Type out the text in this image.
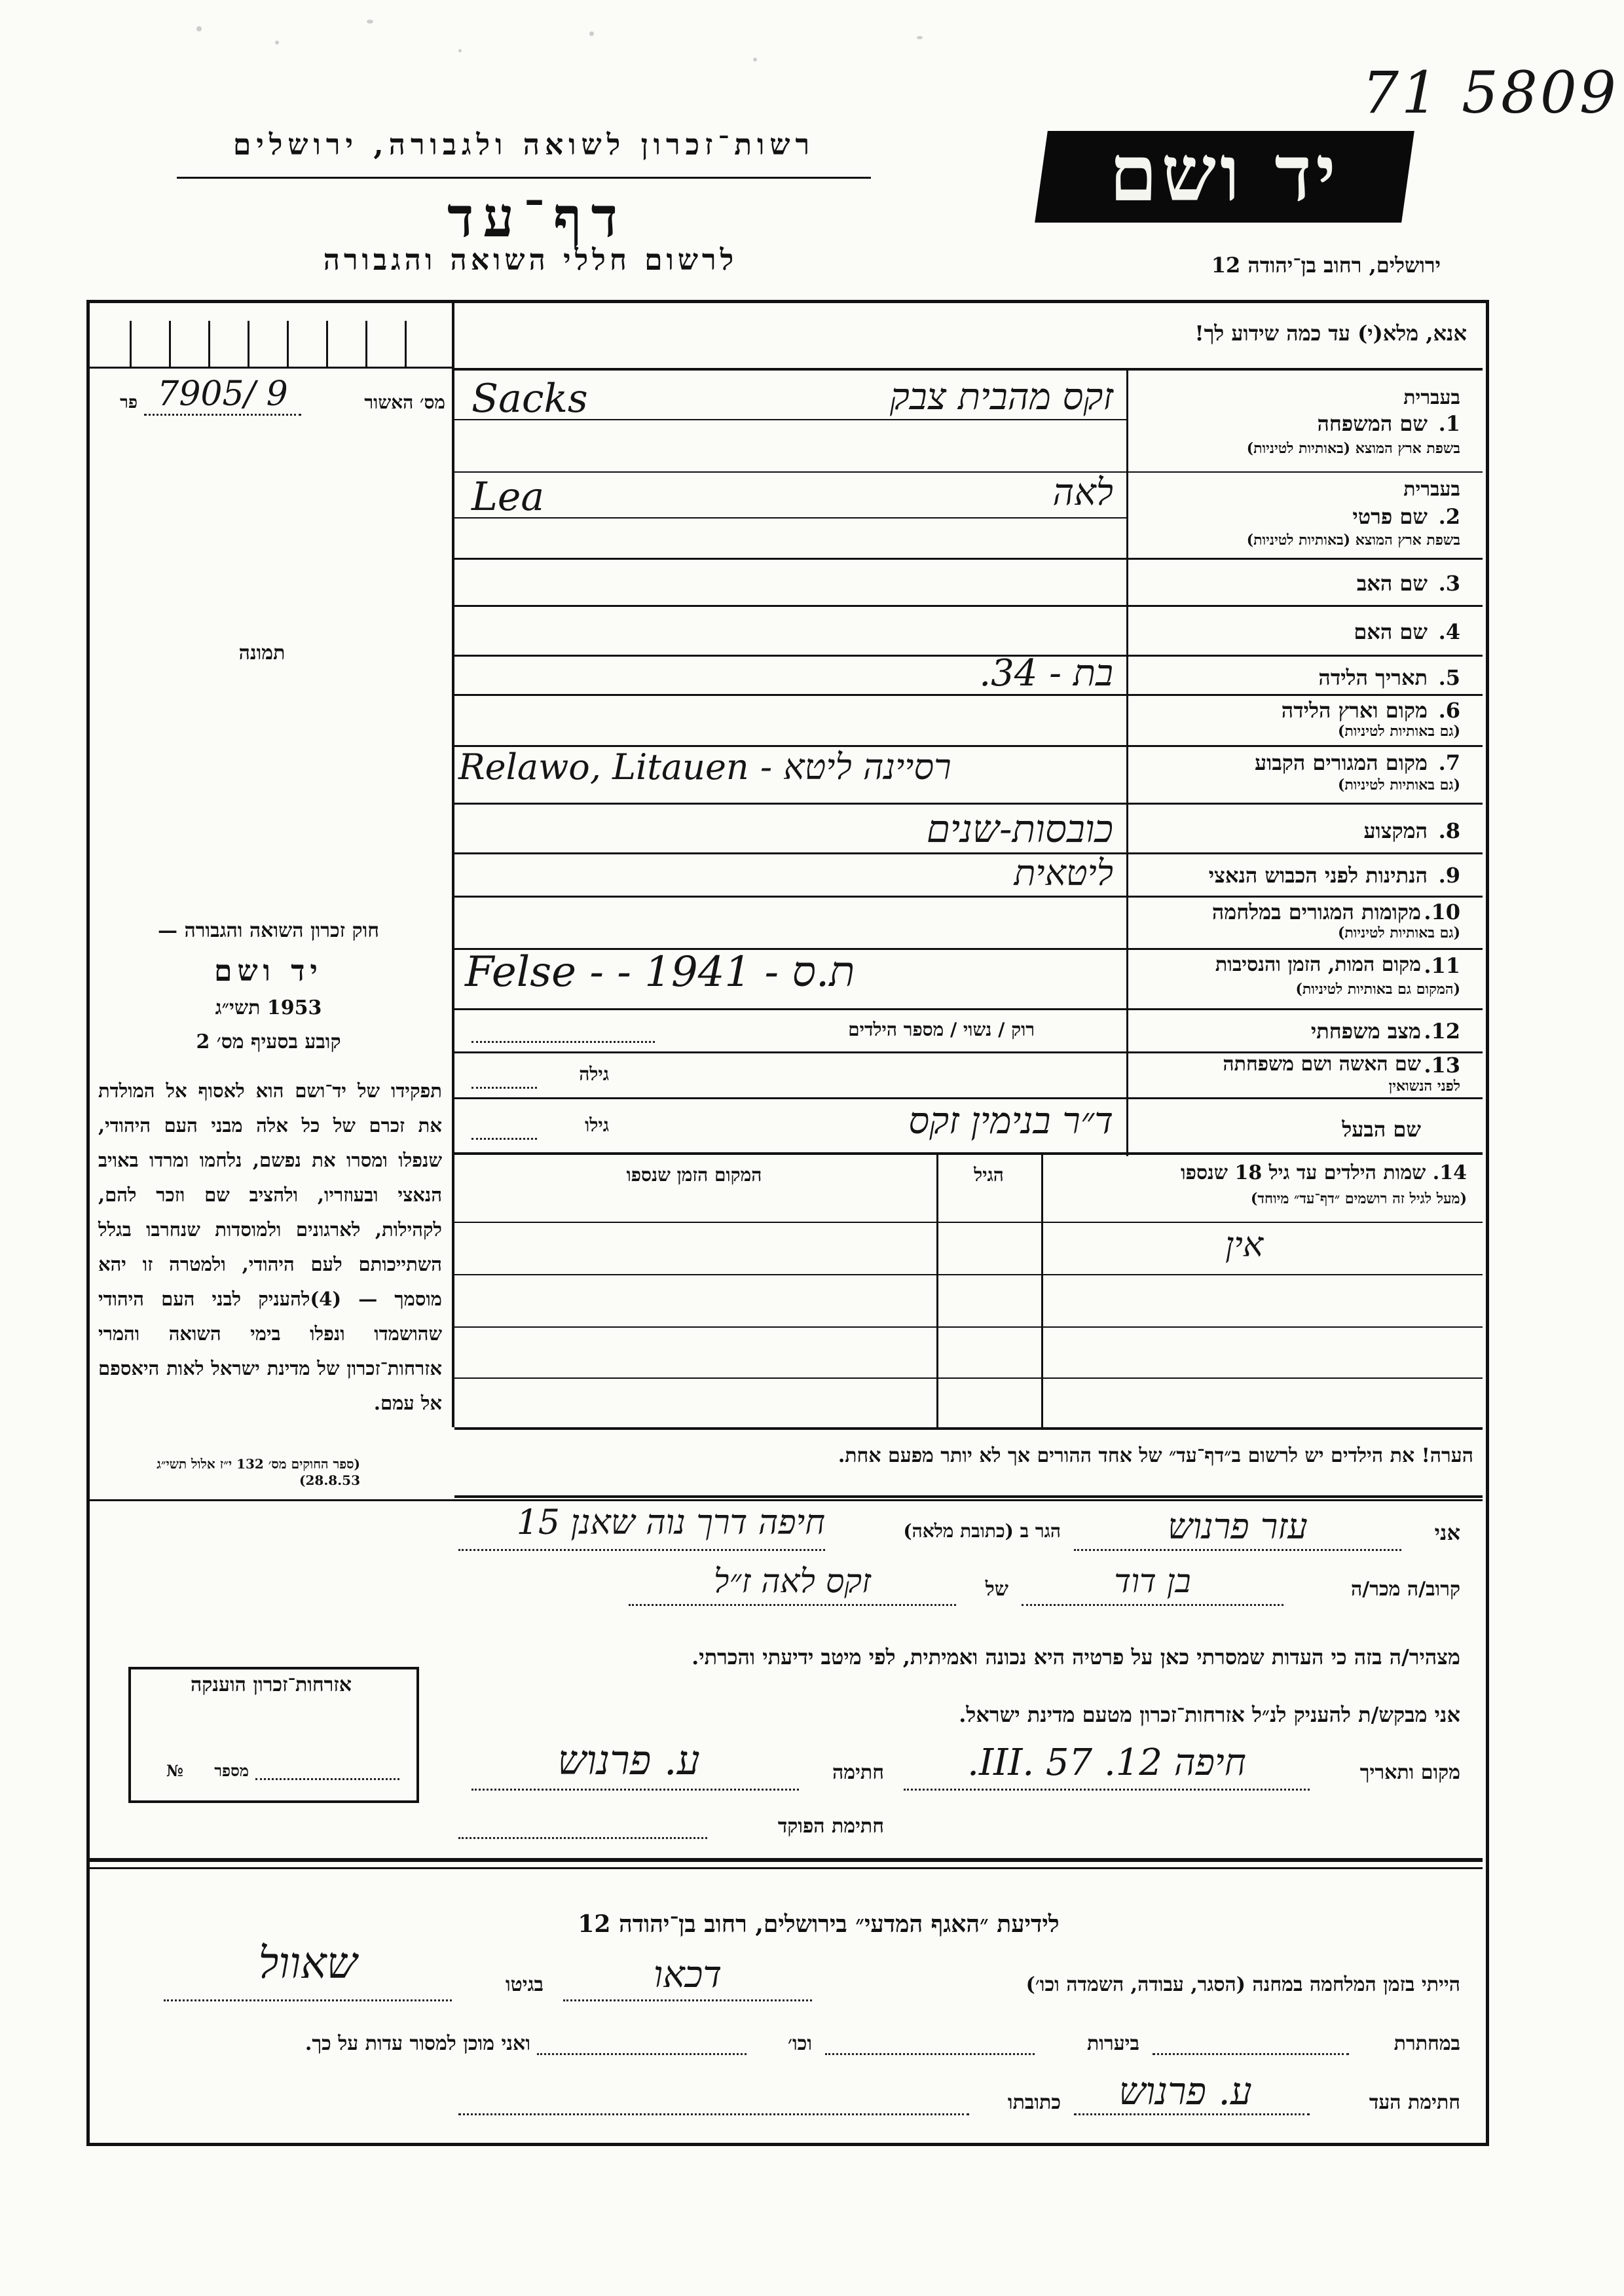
71 5809
רשות־זכרון לשואה ולגבורה, ירושלים
דף־עד
לרשום חללי השואה והגבורה
יד ושם
ירושלים, רחוב בן־יהודה 12
אנא, מלא(י) עד כמה שידוע לך!
פר 9 /7905	מס׳ האשור
תמונה
בעברית
1.
שם המשפחה
בשפת ארץ המוצא (באותיות לטיניות)
זקס מהבית צבק
Sacks
בעברית
2.
שם פרטי
בשפת ארץ המוצא (באותיות לטיניות)
לאה
Lea
3.
שם האב
4.
שם האם
5.
תאריך הלידה
בת - 34.
6.
מקום וארץ הלידה
(גם באותיות לטיניות)
7.
מקום המגורים הקבוע
(גם באותיות לטיניות)
Relawo, Litauen - רסיינה ליטא
8.
המקצוע
כובסות-שנים
9.
הנתינות לפני הכבוש הנאצי
ליטאית
10.
מקומות המגורים במלחמה
(גם באותיות לטיניות)
11.
מקום המות, הזמן והנסיבות
(המקום גם באותיות לטיניות)
Felse - - 1941 - ת.ס
12.
מצב משפחתי
רוק / נשוי / מספר הילדים
13.
שם האשה ושם משפחתה
לפני הנשואין
גילה
שם הבעל
ד״ר בנימין זקס
גילו
14. שמות הילדים עד גיל 18 שנספו
(מעל לגיל זה רושמים ״דף־עד״ מיוחד)
הגיל
המקום הזמן שנספו
אין
חוק זכרון השואה והגבורה —
יד ושם
1953 תשי״ג
קובע בסעיף מס׳ 2
תפקידו של יד־ושם הוא לאסוף אל המולדת את זכרם של כל אלה מבני העם היהודי, שנפלו ומסרו את נפשם, נלחמו ומרדו באויב הנאצי ובעוזריו, ולהציב שם וזכר להם, לקהילות, לארגונים ולמוסדות שנחרבו בגלל השתייכותם לעם היהודי, ולמטרה זו יהא מוסמך — (4)להעניק לבני העם היהודי שהושמדו ונפלו בימי השואה והמרי אזרחות־זכרון של מדינת ישראל לאות היאספם אל עמם.
(ספר החוקים מס׳ 132 י״ז אלול תשי״ג 28.8.53)
הערה! את הילדים יש לרשום ב״דף־עד״ של אחד ההורים אך לא יותר מפעם אחת.
אני
עזר פרנוש
הגר ב (כתובת מלאה)
חיפה דרך נוה שאנן 15
קרוב/ה מכר/ה
בן דוד
של
זקס לאה ז״ל
מצהיר/ה בזה כי העדות שמסרתי כאן על פרטיה היא נכונה ואמיתית, לפי מיטב ידיעתי והכרתי.
אני מבקש/ת להעניק לנ״ל אזרחות־זכרון מטעם מדינת ישראל.
מקום ותאריך
חיפה 12. III. 57.
חתימה
ע. פרנוש
חתימת הפוקד
אזרחות־זכרון הוענקה
מספר
№
לידיעת ״האגף המדעי״ בירושלים, רחוב בן־יהודה 12
הייתי בזמן המלחמה במחנה (הסגר, עבודה, השמדה וכו׳)
דכאו
בגיטו
שאוול
במחתרת
ביערות
וכו׳
ואני מוכן למסור עדות על כך.
חתימת העד
ע. פרנוש
כתובתו
